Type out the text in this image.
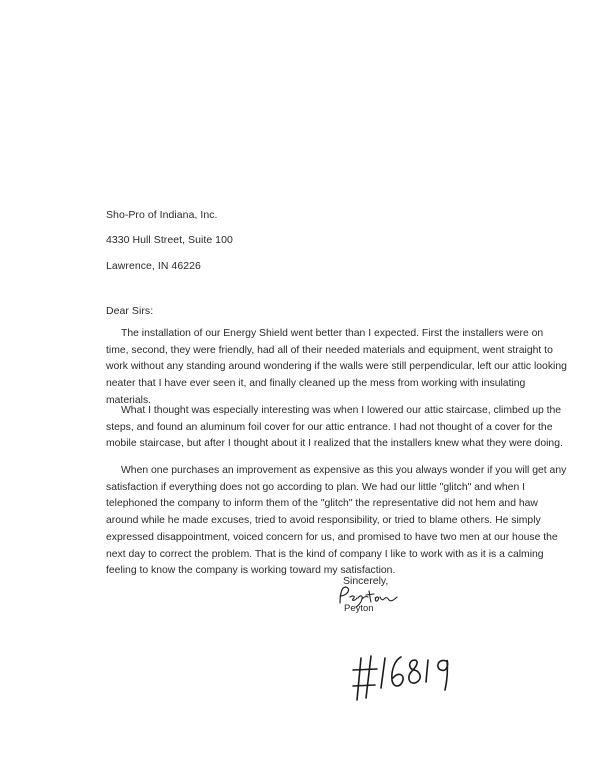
Sho-Pro of Indiana, Inc.
4330 Hull Street, Suite 100
Lawrence, IN 46226
Dear Sirs:
The installation of our Energy Shield went better than I expected. First the installers were on time, second, they were friendly, had all of their needed materials and equipment, went straight to work without any standing around wondering if the walls were still perpendicular, left our attic looking neater that I have ever seen it, and finally cleaned up the mess from working with insulating materials.
What I thought was especially interesting was when I lowered our attic staircase, climbed up the steps, and found an aluminum foil cover for our attic entrance. I had not thought of a cover for the mobile staircase, but after I thought about it I realized that the installers knew what they were doing.
When one purchases an improvement as expensive as this you always wonder if you will get any satisfaction if everything does not go according to plan. We had our little "glitch" and when I telephoned the company to inform them of the "glitch" the representative did not hem and haw around while he made excuses, tried to avoid responsibility, or tried to blame others. He simply expressed disappointment, voiced concern for us, and promised to have two men at our house the next day to correct the problem. That is the kind of company I like to work with as it is a calming feeling to know the company is working toward my satisfaction.
Sincerely,
Peyton
